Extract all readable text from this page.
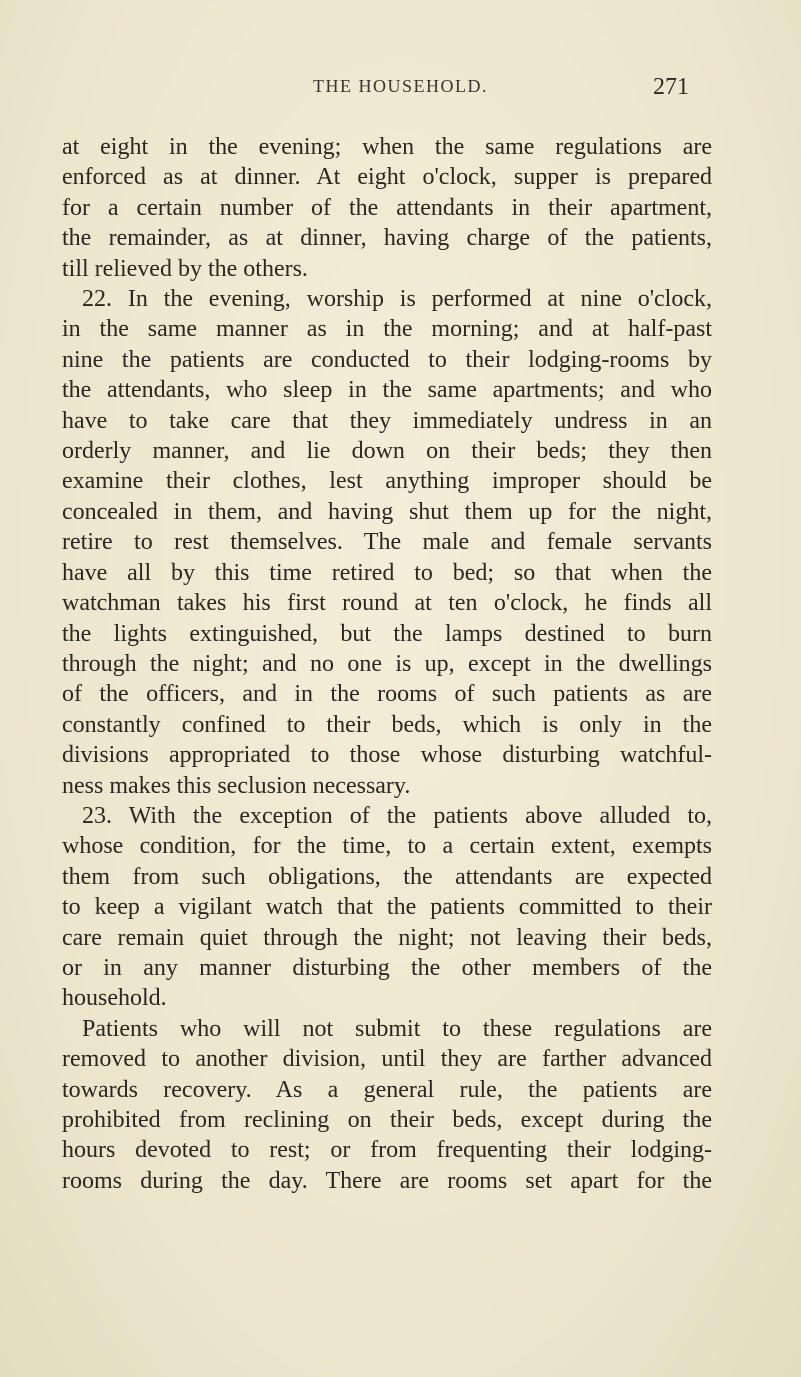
THE HOUSEHOLD.	271
at eight in the evening; when the same regulations are
enforced as at dinner. At eight o'clock, supper is prepared
for a certain number of the attendants in their apartment,
the remainder, as at dinner, having charge of the patients,
till relieved by the others.
22. In the evening, worship is performed at nine o'clock,
in the same manner as in the morning; and at half-past
nine the patients are conducted to their lodging-rooms by
the attendants, who sleep in the same apartments; and who
have to take care that they immediately undress in an
orderly manner, and lie down on their beds; they then
examine their clothes, lest anything improper should be
concealed in them, and having shut them up for the night,
retire to rest themselves. The male and female servants
have all by this time retired to bed; so that when the
watchman takes his first round at ten o'clock, he finds all
the lights extinguished, but the lamps destined to burn
through the night; and no one is up, except in the dwellings
of the officers, and in the rooms of such patients as are
constantly confined to their beds, which is only in the
divisions appropriated to those whose disturbing watchful-
ness makes this seclusion necessary.
23. With the exception of the patients above alluded to,
whose condition, for the time, to a certain extent, exempts
them from such obligations, the attendants are expected
to keep a vigilant watch that the patients committed to their
care remain quiet through the night; not leaving their beds,
or in any manner disturbing the other members of the
household.
Patients who will not submit to these regulations are
removed to another division, until they are farther advanced
towards recovery. As a general rule, the patients are
prohibited from reclining on their beds, except during the
hours devoted to rest; or from frequenting their lodging-
rooms during the day. There are rooms set apart for the
